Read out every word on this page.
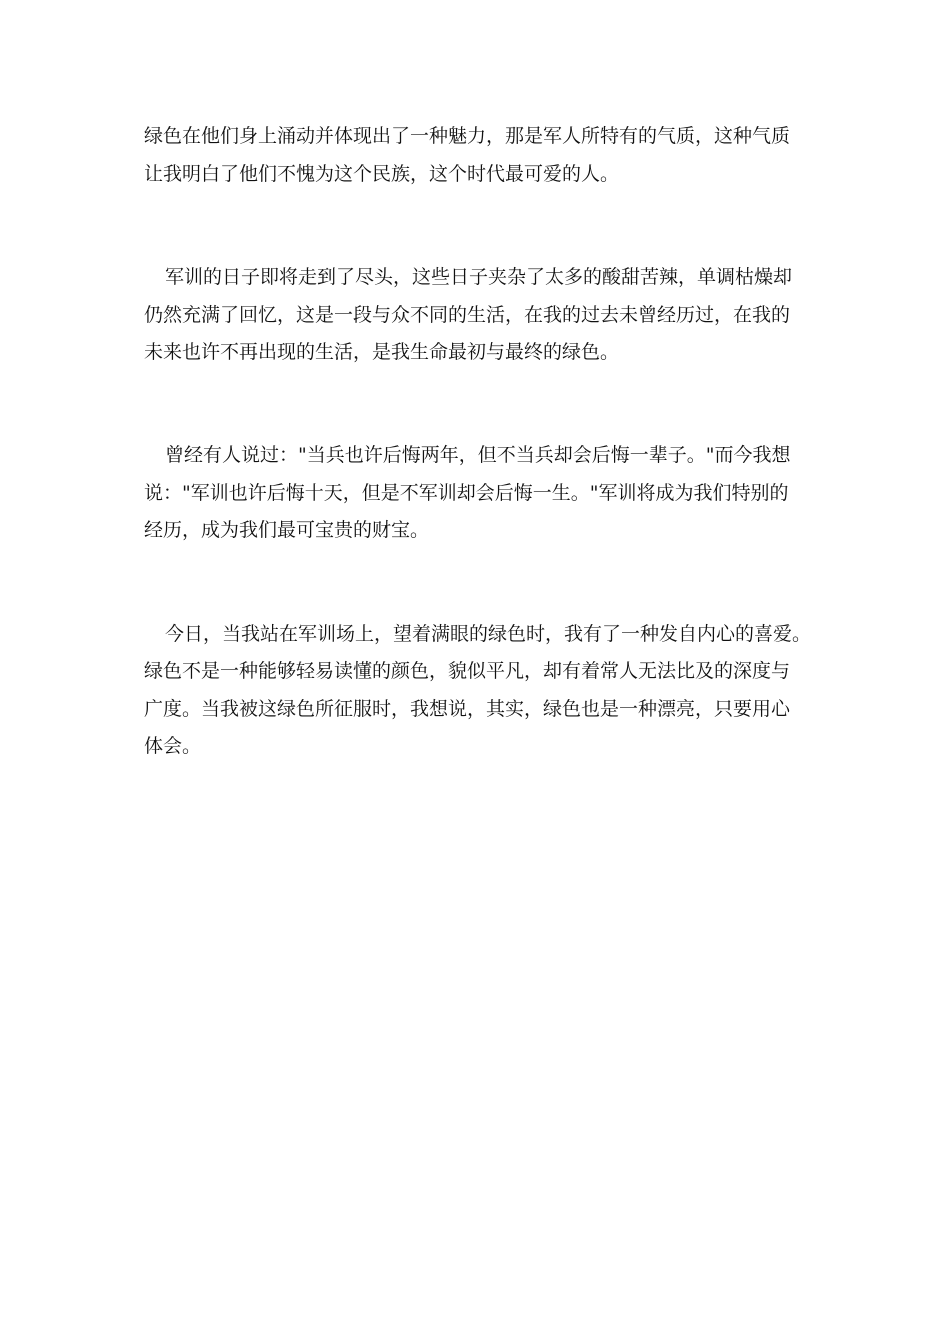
绿色在他们身上涌动并体现出了一种魅力，那是军人所特有的气质，这种气质

让我明白了他们不愧为这个民族，这个时代最可爱的人。

军训的日子即将走到了尽头，这些日子夹杂了太多的酸甜苦辣，单调枯燥却

仍然充满了回忆，这是一段与众不同的生活，在我的过去未曾经历过，在我的

未来也许不再出现的生活，是我生命最初与最终的绿色。

曾经有人说过："当兵也许后悔两年，但不当兵却会后悔一辈子。"而今我想

说："军训也许后悔十天，但是不军训却会后悔一生。"军训将成为我们特别的

经历，成为我们最可宝贵的财宝。

今日，当我站在军训场上，望着满眼的绿色时，我有了一种发自内心的喜爱。

绿色不是一种能够轻易读懂的颜色，貌似平凡，却有着常人无法比及的深度与

广度。当我被这绿色所征服时，我想说，其实，绿色也是一种漂亮，只要用心

体会。
